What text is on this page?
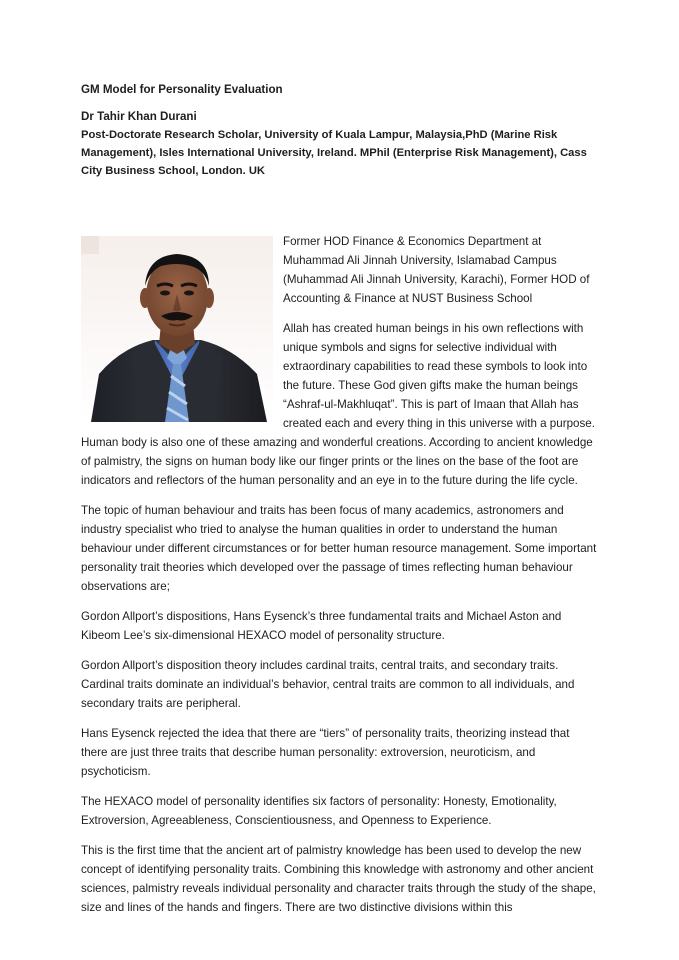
GM Model for Personality Evaluation

Dr Tahir Khan Durani

Post-Doctorate Research Scholar, University of Kuala Lampur, Malaysia,PhD (Marine Risk Management), Isles International University, Ireland. MPhil (Enterprise Risk Management), Cass City Business School, London. UK

Former HOD Finance & Economics Department at Muhammad Ali Jinnah University, Islamabad Campus (Muhammad Ali Jinnah University, Karachi), Former HOD of Accounting & Finance at NUST Business School

Allah has created human beings in his own reflections with unique symbols and signs for selective individual with extraordinary capabilities to read these symbols to look into the future. These God given gifts make the human beings “Ashraf-ul-Makhluqat”. This is part of Imaan that Allah has created each and every thing in this universe with a purpose. Human body is also one of these amazing and wonderful creations. According to ancient knowledge of palmistry, the signs on human body like our finger prints or the lines on the base of the foot are indicators and reflectors of the human personality and an eye in to the future during the life cycle.

The topic of human behaviour and traits has been focus of many academics, astronomers and industry specialist who tried to analyse the human qualities in order to understand the human behaviour under different circumstances or for better human resource management. Some important personality trait theories which developed over the passage of times reflecting human behaviour observations are;

Gordon Allport’s dispositions, Hans Eysenck’s three fundamental traits and Michael Aston and Kibeom Lee’s six-dimensional HEXACO model of personality structure.

Gordon Allport’s disposition theory includes cardinal traits, central traits, and secondary traits. Cardinal traits dominate an individual’s behavior, central traits are common to all individuals, and secondary traits are peripheral.

Hans Eysenck rejected the idea that there are “tiers” of personality traits, theorizing instead that there are just three traits that describe human personality: extroversion, neuroticism, and psychoticism.

The HEXACO model of personality identifies six factors of personality: Honesty, Emotionality, Extroversion, Agreeableness, Conscientiousness, and Openness to Experience.

This is the first time that the ancient art of palmistry knowledge has been used to develop the new concept of identifying personality traits. Combining this knowledge with astronomy and other ancient sciences, palmistry reveals individual personality and character traits through the study of the shape, size and lines of the hands and fingers. There are two distinctive divisions within this
